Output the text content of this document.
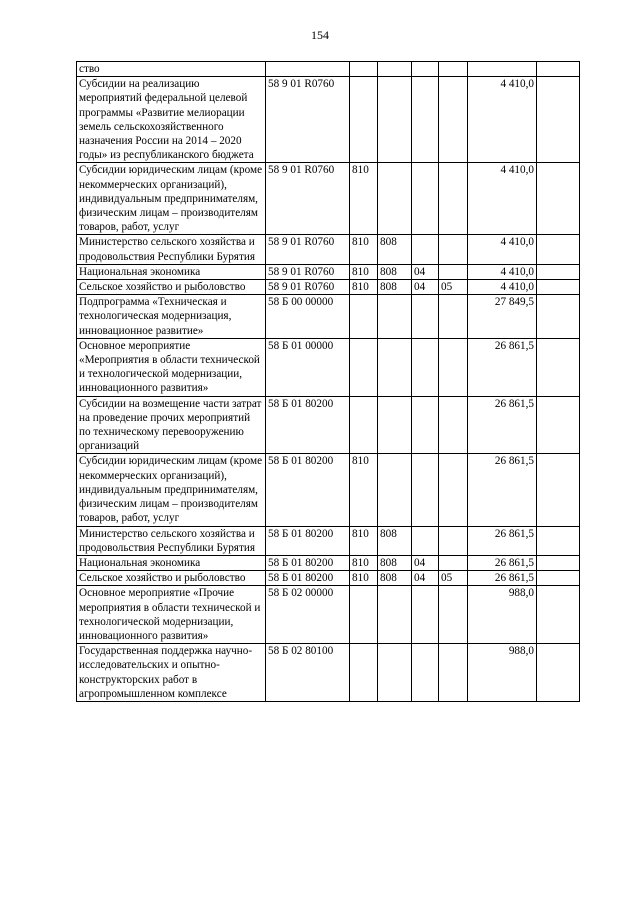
154
ство							
Субсидии на реализацию мероприятий федеральной целевой программы «Развитие мелиорации земель сельскохозяйственного назначения России на 2014 – 2020 годы» из республиканского бюджета	58 9 01 R0760					4 410,0	
Субсидии юридическим лицам (кроме некоммерческих организаций), индивидуальным предпринимателям, физическим лицам – производителям товаров, работ, услуг	58 9 01 R0760	810				4 410,0	
Министерство сельского хозяйства и продовольствия Республики Бурятия	58 9 01 R0760	810	808			4 410,0	
Национальная экономика	58 9 01 R0760	810	808	04		4 410,0	
Сельское хозяйство и рыболовство	58 9 01 R0760	810	808	04	05	4 410,0	
Подпрограмма «Техническая и технологическая модернизация, инновационное развитие»	58 Б 00 00000					27 849,5	
Основное мероприятие «Мероприятия в области технической и технологической модернизации, инновационного развития»	58 Б 01 00000					26 861,5	
Субсидии на возмещение части затрат на проведение прочих мероприятий по техническому перевооружению организаций	58 Б 01 80200					26 861,5	
Субсидии юридическим лицам (кроме некоммерческих организаций), индивидуальным предпринимателям, физическим лицам – производителям товаров, работ, услуг	58 Б 01 80200	810				26 861,5	
Министерство сельского хозяйства и продовольствия Республики Бурятия	58 Б 01 80200	810	808			26 861,5	
Национальная экономика	58 Б 01 80200	810	808	04		26 861,5	
Сельское хозяйство и рыболовство	58 Б 01 80200	810	808	04	05	26 861,5	
Основное мероприятие «Прочие мероприятия в области технической и технологической модернизации, инновационного развития»	58 Б 02 00000					988,0	
Государственная поддержка научно-исследовательских и опытно-конструкторских работ в агропромышленном комплексе	58 Б 02 80100					988,0	
